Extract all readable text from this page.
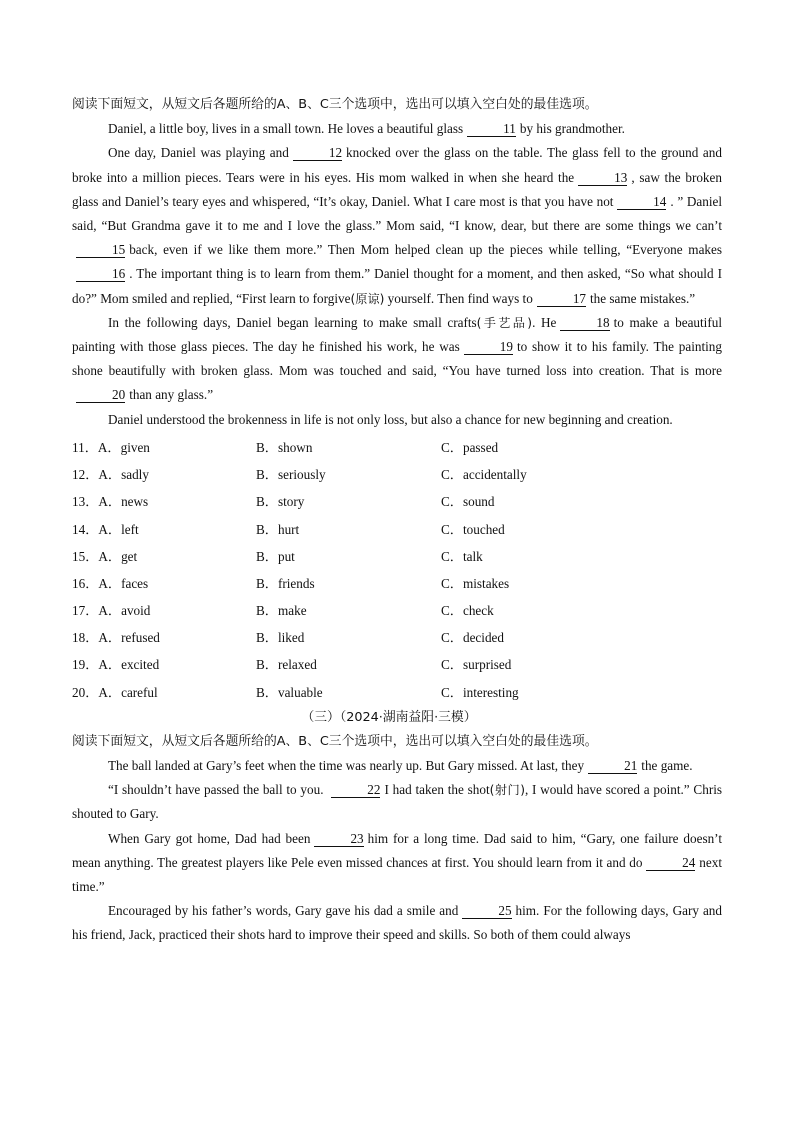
阅读下面短文，从短文后各题所给的A、B、C三个选项中，选出可以填入空白处的最佳选项。

Daniel, a little boy, lives in a small town. He loves a beautiful glass	11 by his grandmother.

One day, Daniel was playing and	12 knocked over the glass on the table. The glass fell to the ground and broke into a million pieces. Tears were in his eyes. His mom walked in when she heard the	13 , saw the broken glass and Daniel’s teary eyes and whispered, “It’s okay, Daniel. What I care most is that you have not	14 . ” Daniel said, “But Grandma gave it to me and I love the glass.” Mom said, “I know, dear, but there are some things we can’t15 back, even if we like them more.” Then Mom helped clean up the pieces while telling, “Everyone makes16 . The important thing is to learn from them.” Daniel thought for a moment, and then asked, “So what should I do?” Mom smiled and replied, “First learn to forgive(原谅) yourself. Then find ways to	17 the same mistakes.”

In the following days, Daniel began learning to make small crafts(手艺品). He	18 to make a beautiful painting with those glass pieces. The day he finished his work, he was	19 to show it to his family. The painting shone beautifully with broken glass. Mom was touched and said, “You have turned loss into creation. That is more20 than any glass.”

Daniel understood the brokenness in life is not only loss, but also a chance for new beginning and creation.

11．A．given	B．shown	C．passed
12．A．sadly	B．seriously	C．accidentally
13．A．news	B．story	C．sound
14．A．left	B．hurt	C．touched
15．A．get	B．put	C．talk
16．A．faces	B．friends	C．mistakes
17．A．avoid	B．make	C．check
18．A．refused	B．liked	C．decided
19．A．excited	B．relaxed	C．surprised
20．A．careful	B．valuable	C．interesting
（三）（2024·湖南益阳·三模）

阅读下面短文，从短文后各题所给的A、B、C三个选项中，选出可以填入空白处的最佳选项。

The ball landed at Gary’s feet when the time was nearly up. But Gary missed. At last, they	21 the game.

“I shouldn’t have passed the ball to you.	22 I had taken the shot(射门), I would have scored a point.” Chris shouted to Gary.

When Gary got home, Dad had been	23 him for a long time. Dad said to him, “Gary, one failure doesn’t mean anything. The greatest players like Pele even missed chances at first. You should learn from it and do	24 next time.”

Encouraged by his father’s words, Gary gave his dad a smile and	25 him. For the following days, Gary and his friend, Jack, practiced their shots hard to improve their speed and skills. So both of them could always
